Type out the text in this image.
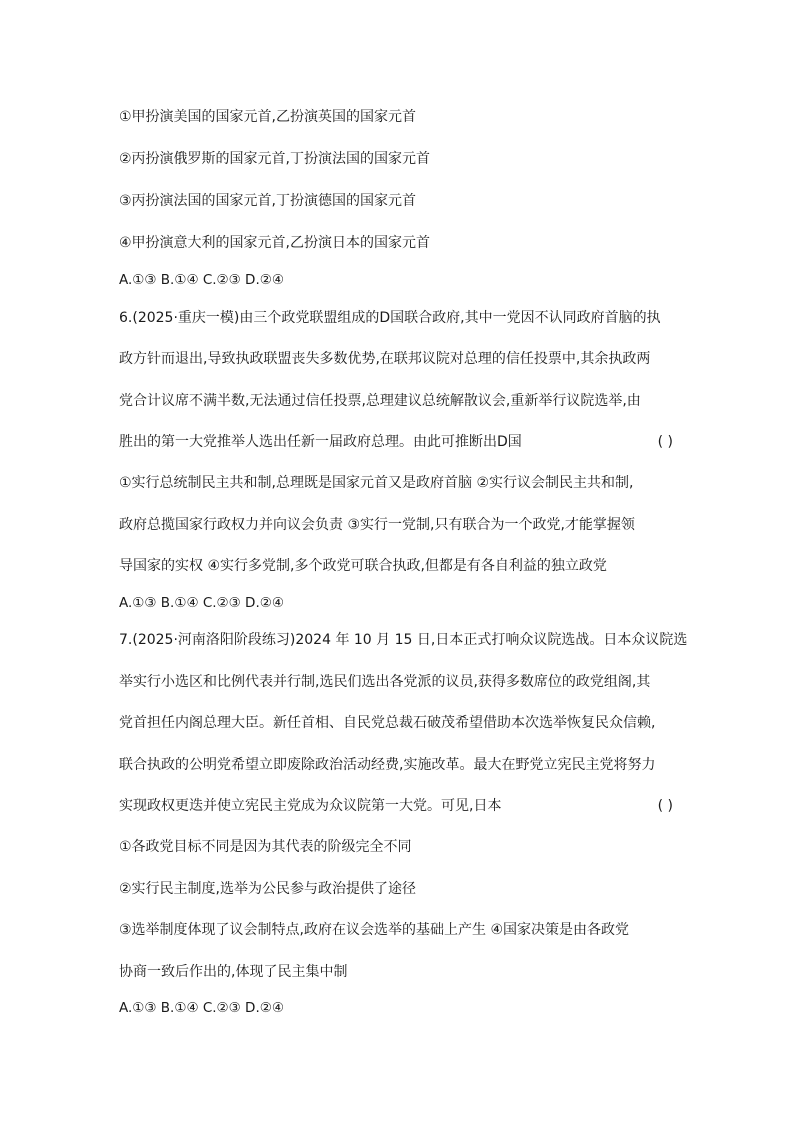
①甲扮演美国的国家元首,乙扮演英国的国家元首
②丙扮演俄罗斯的国家元首,丁扮演法国的国家元首
③丙扮演法国的国家元首,丁扮演德国的国家元首
④甲扮演意大利的国家元首,乙扮演日本的国家元首
A.①③ B.①④ C.②③ D.②④
6.(2025·重庆一模)由三个政党联盟组成的D国联合政府,其中一党因不认同政府首脑的执
政方针而退出,导致执政联盟丧失多数优势,在联邦议院对总理的信任投票中,其余执政两
党合计议席不满半数,无法通过信任投票,总理建议总统解散议会,重新举行议院选举,由
胜出的第一大党推举人选出任新一届政府总理。由此可推断出D国	( )
①实行总统制民主共和制,总理既是国家元首又是政府首脑 ②实行议会制民主共和制,
政府总揽国家行政权力并向议会负责 ③实行一党制,只有联合为一个政党,才能掌握领
导国家的实权 ④实行多党制,多个政党可联合执政,但都是有各自利益的独立政党
A.①③ B.①④ C.②③ D.②④
7.(2025·河南洛阳阶段练习)2024 年 10 月 15 日,日本正式打响众议院选战。日本众议院选
举实行小选区和比例代表并行制,选民们选出各党派的议员,获得多数席位的政党组阁,其
党首担任内阁总理大臣。新任首相、自民党总裁石破茂希望借助本次选举恢复民众信赖,
联合执政的公明党希望立即废除政治活动经费,实施改革。最大在野党立宪民主党将努力
实现政权更迭并使立宪民主党成为众议院第一大党。可见,日本	( )
①各政党目标不同是因为其代表的阶级完全不同
②实行民主制度,选举为公民参与政治提供了途径
③选举制度体现了议会制特点,政府在议会选举的基础上产生 ④国家决策是由各政党
协商一致后作出的,体现了民主集中制
A.①③ B.①④ C.②③ D.②④
